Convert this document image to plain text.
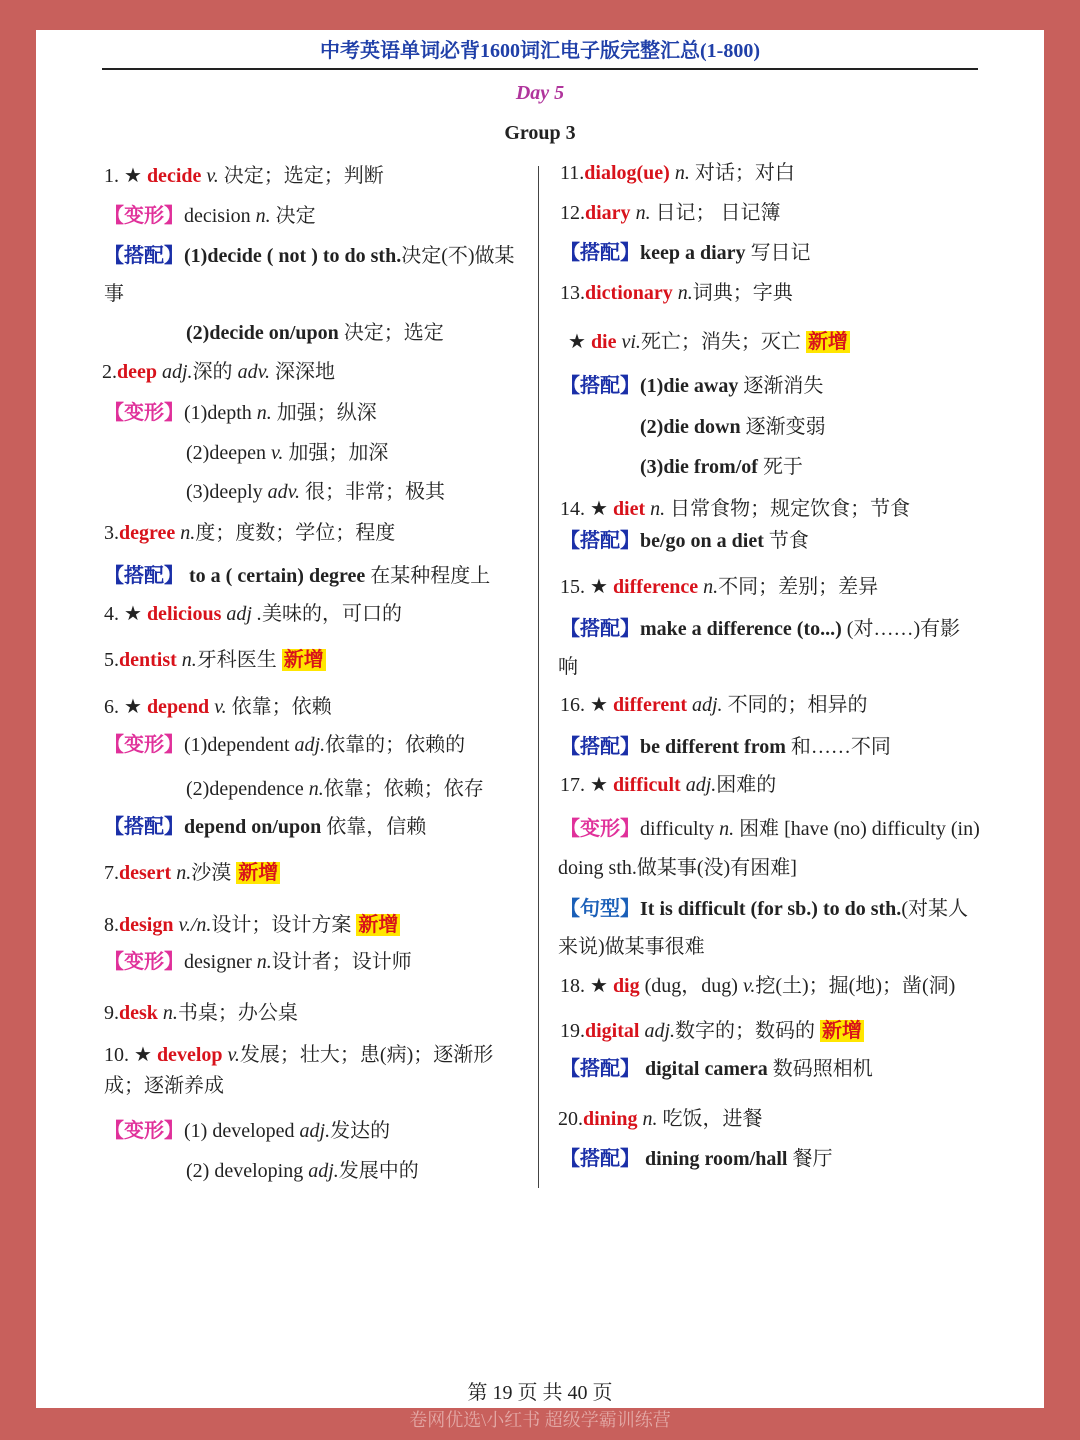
中考英语单词必背1600词汇电子版完整汇总(1-800)
Day 5
Group 3
1. ★ decide v. 决定；选定；判断
【变形】decision n. 决定
【搭配】(1)decide ( not ) to do sth.决定(不)做某
事
(2)decide on/upon 决定；选定
2.deep adj.深的 adv. 深深地
【变形】(1)depth n. 加强；纵深
(2)deepen v. 加强；加深
(3)deeply adv. 很；非常；极其
3.degree n.度；度数；学位；程度
【搭配】 to a ( certain) degree 在某种程度上
4. ★ delicious adj .美味的，可口的
5.dentist n.牙科医生 新增
6. ★ depend v. 依靠；依赖
【变形】(1)dependent adj.依靠的；依赖的
(2)dependence n.依靠；依赖；依存
【搭配】depend on/upon 依靠，信赖
7.desert n.沙漠 新增
8.design v./n.设计；设计方案 新增
【变形】designer n.设计者；设计师
9.desk n.书桌；办公桌
10. ★ develop v.发展；壮大；患(病)；逐渐形
成；逐渐养成
【变形】(1) developed adj.发达的
(2) developing adj.发展中的
11.dialog(ue) n. 对话；对白
12.diary n. 日记； 日记簿
【搭配】keep a diary 写日记
13.dictionary n.词典；字典
★ die vi.死亡；消失；灭亡 新增
【搭配】(1)die away 逐渐消失
(2)die down 逐渐变弱
(3)die from/of 死于
14. ★ diet n. 日常食物；规定饮食；节食
【搭配】be/go on a diet 节食
15. ★ difference n.不同；差别；差异
【搭配】make a difference (to...) (对……)有影
响
16. ★ different adj. 不同的；相异的
【搭配】be different from 和……不同
17. ★ difficult adj.困难的
【变形】difficulty n. 困难 [have (no) difficulty (in)
doing sth.做某事(没)有困难]
【句型】It is difficult (for sb.) to do sth.(对某人
来说)做某事很难
18. ★ dig (dug，dug) v.挖(土)；掘(地)；凿(洞)
19.digital adj.数字的；数码的 新增
【搭配】 digital camera 数码照相机
20.dining n. 吃饭，进餐
【搭配】 dining room/hall 餐厅
第 19 页 共 40 页
卷网优选\小红书 超级学霸训练营
